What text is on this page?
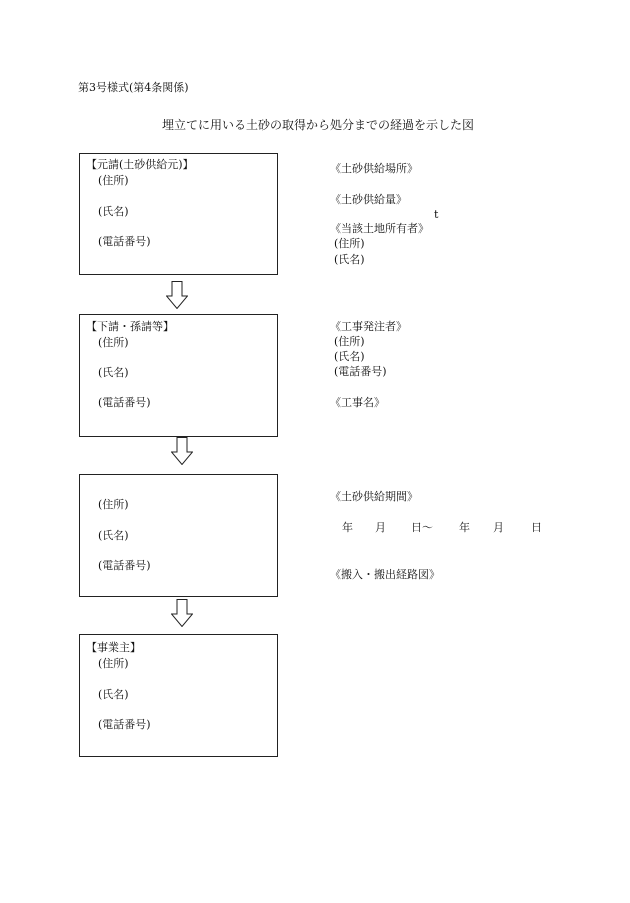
第3号様式(第4条関係)
埋立てに用いる土砂の取得から処分までの経過を示した図
【元請(土砂供給元)】
(住所)
(氏名)
(電話番号)
【下請・孫請等】
(住所)
(氏名)
(電話番号)
(住所)
(氏名)
(電話番号)
【事業主】
(住所)
(氏名)
(電話番号)
《土砂供給場所》
《土砂供給量》
t
《当該土地所有者》
(住所)
(氏名)
《工事発注者》
(住所)
(氏名)
(電話番号)
《工事名》
《土砂供給期間》
年 月 日～ 年 月 日
《搬入・搬出経路図》
